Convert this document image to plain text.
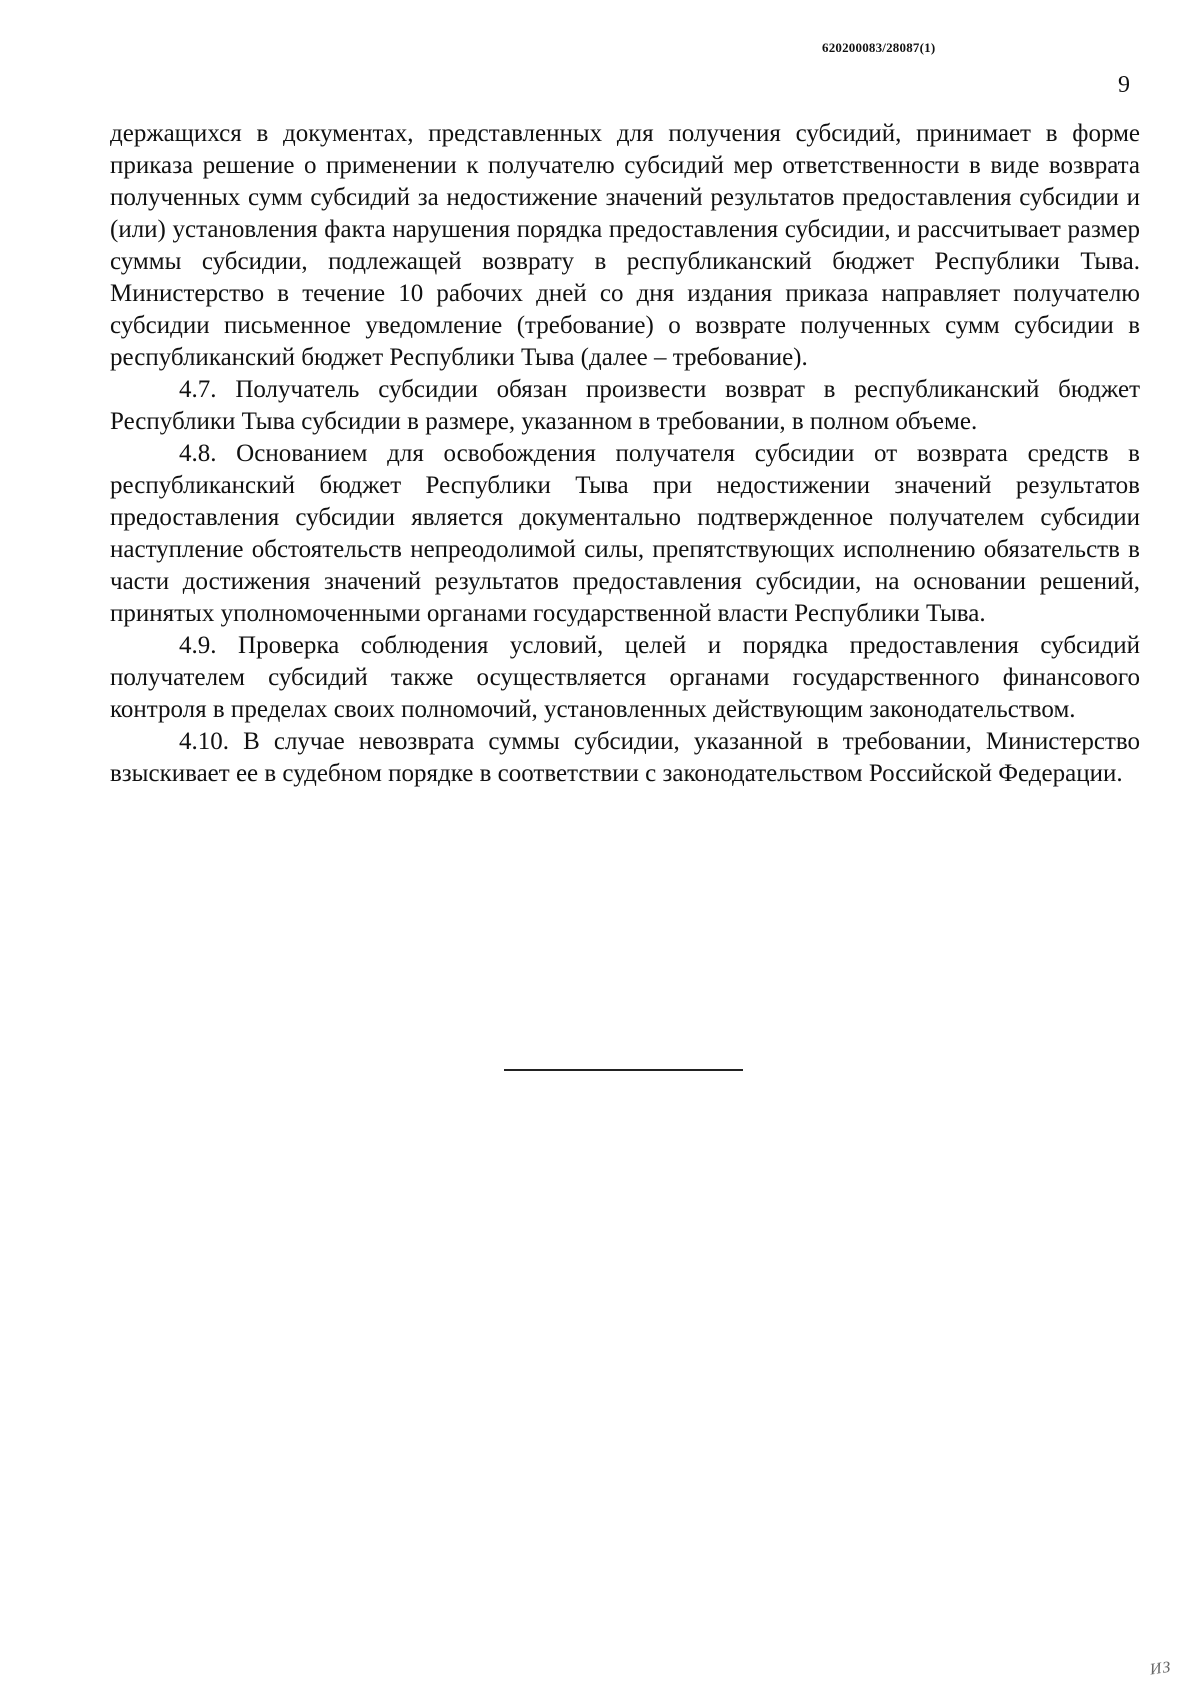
620200083/28087(1)
9

держащихся в документах, представленных для получения субсидий, принимает в форме приказа решение о применении к получателю субсидий мер ответственности в виде возврата полученных сумм субсидий за недостижение значений результатов предоставления субсидии и (или) установления факта нарушения порядка предоставления субсидии, и рассчитывает размер суммы субсидии, подлежащей возврату в республиканский бюджет Республики Тыва. Министерство в течение 10 рабочих дней со дня издания приказа направляет получателю субсидии письменное уведомление (требование) о возврате полученных сумм субсидии в республиканский бюджет Республики Тыва (далее – требование).

4.7. Получатель субсидии обязан произвести возврат в республиканский бюджет Республики Тыва субсидии в размере, указанном в требовании, в полном объеме.

4.8. Основанием для освобождения получателя субсидии от возврата средств в республиканский бюджет Республики Тыва при недостижении значений результатов предоставления субсидии является документально подтвержденное получателем субсидии наступление обстоятельств непреодолимой силы, препятствующих исполнению обязательств в части достижения значений результатов предоставления субсидии, на основании решений, принятых уполномоченными органами государственной власти Республики Тыва.

4.9. Проверка соблюдения условий, целей и порядка предоставления субсидий получателем субсидий также осуществляется органами государственного финансового контроля в пределах своих полномочий, установленных действующим законодательством.

4.10. В случае невозврата суммы субсидии, указанной в требовании, Министерство взыскивает ее в судебном порядке в соответствии с законодательством Российской Федерации.

ИЗ
